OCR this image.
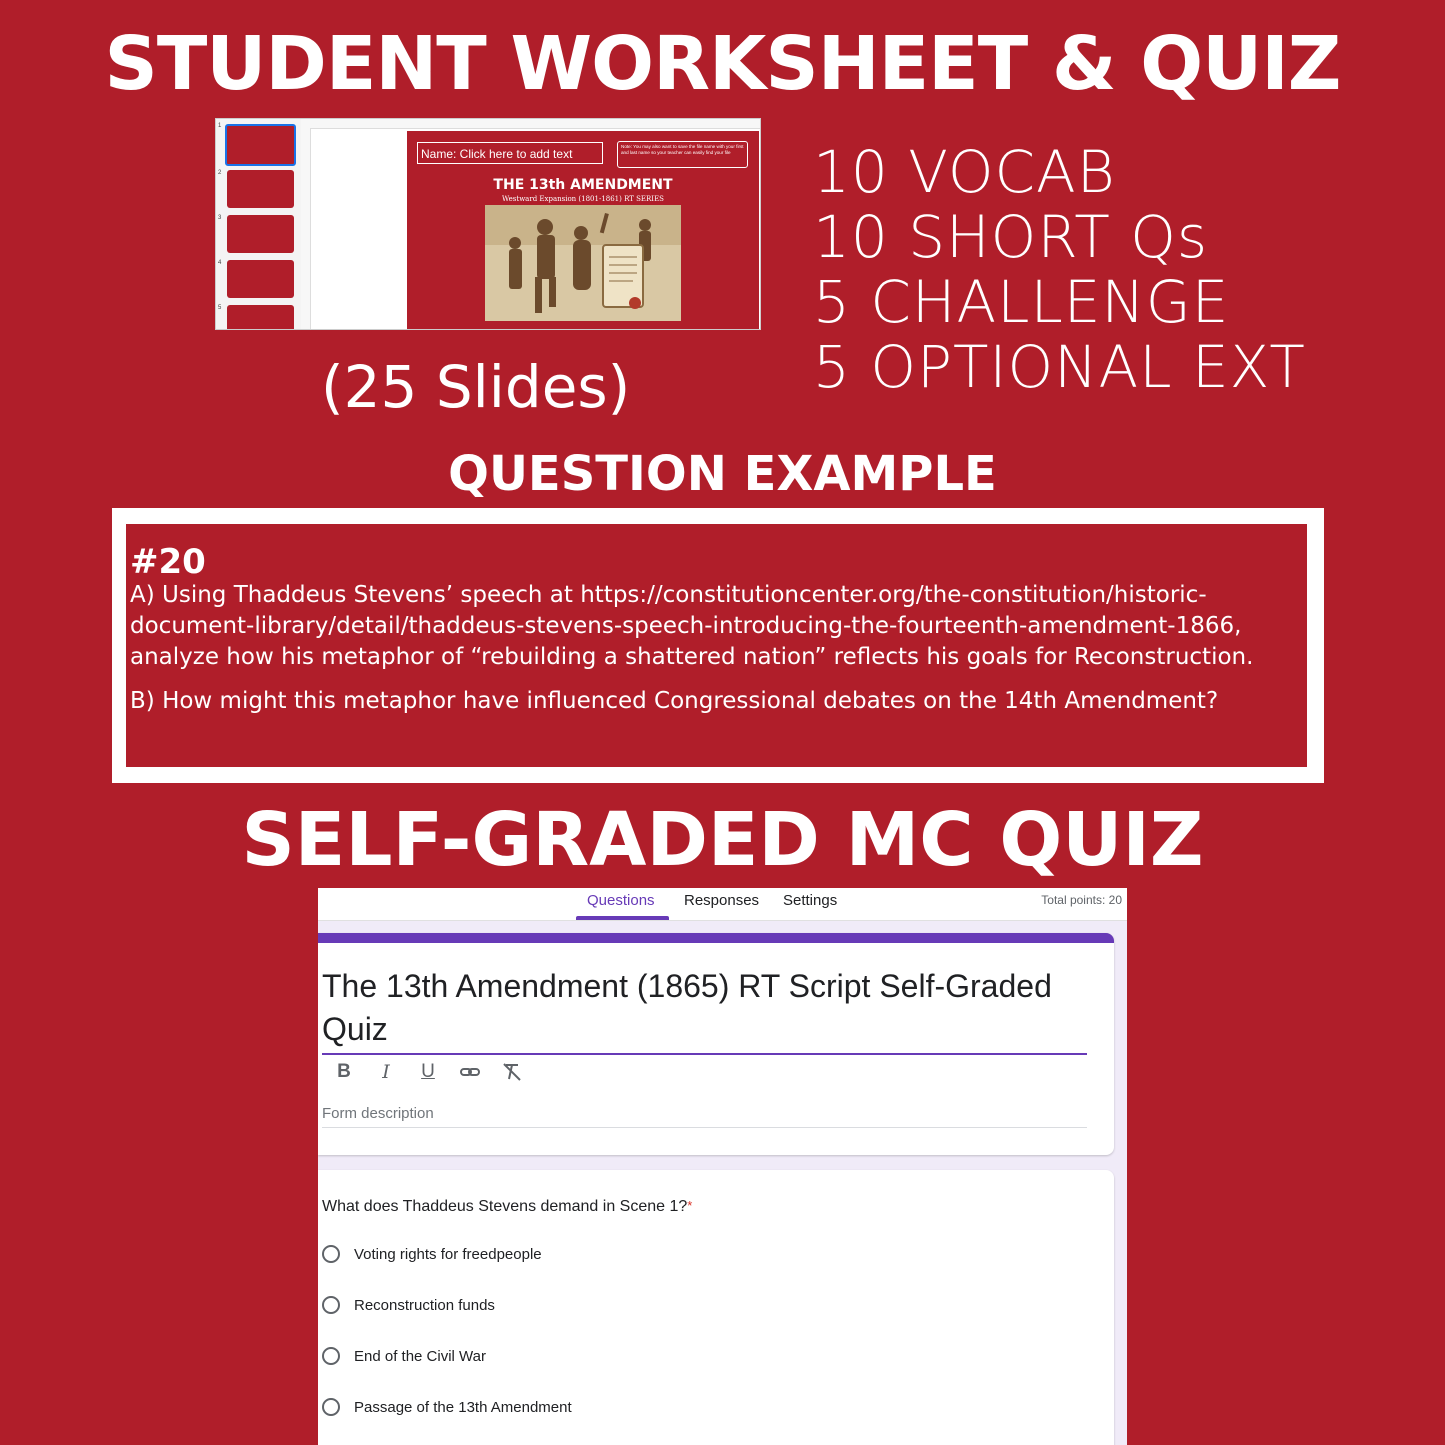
STUDENT WORKSHEET & QUIZ
1
2
3
4
5
Name: Click here to add text
Note: You may also want to save the file name with your first and last name so your teacher can easily find your file
THE 13th AMENDMENT
Westward Expansion (1801-1861) RT SERIES	10 VOCAB
10 SHORT Qs
5 CHALLENGE
5 OPTIONAL EXT
(25 Slides)
QUESTION EXAMPLE
#20
A) Using Thaddeus Stevens’ speech at https://constitutioncenter.org/the-constitution/historic-document-library/detail/thaddeus-stevens-speech-introducing-the-fourteenth-amendment-1866, analyze how his metaphor of “rebuilding a shattered nation” reflects his goals for Reconstruction.
B) How might this metaphor have influenced Congressional debates on the 14th Amendment?
SELF-GRADED MC QUIZ
Questions Responses Settings	Total points: 20
The 13th Amendment (1865) RT Script Self-Graded Quiz
B	I	U
Form description
What does Thaddeus Stevens demand in Scene 1?*
Voting rights for freedpeople
Reconstruction funds
End of the Civil War
Passage of the 13th Amendment
